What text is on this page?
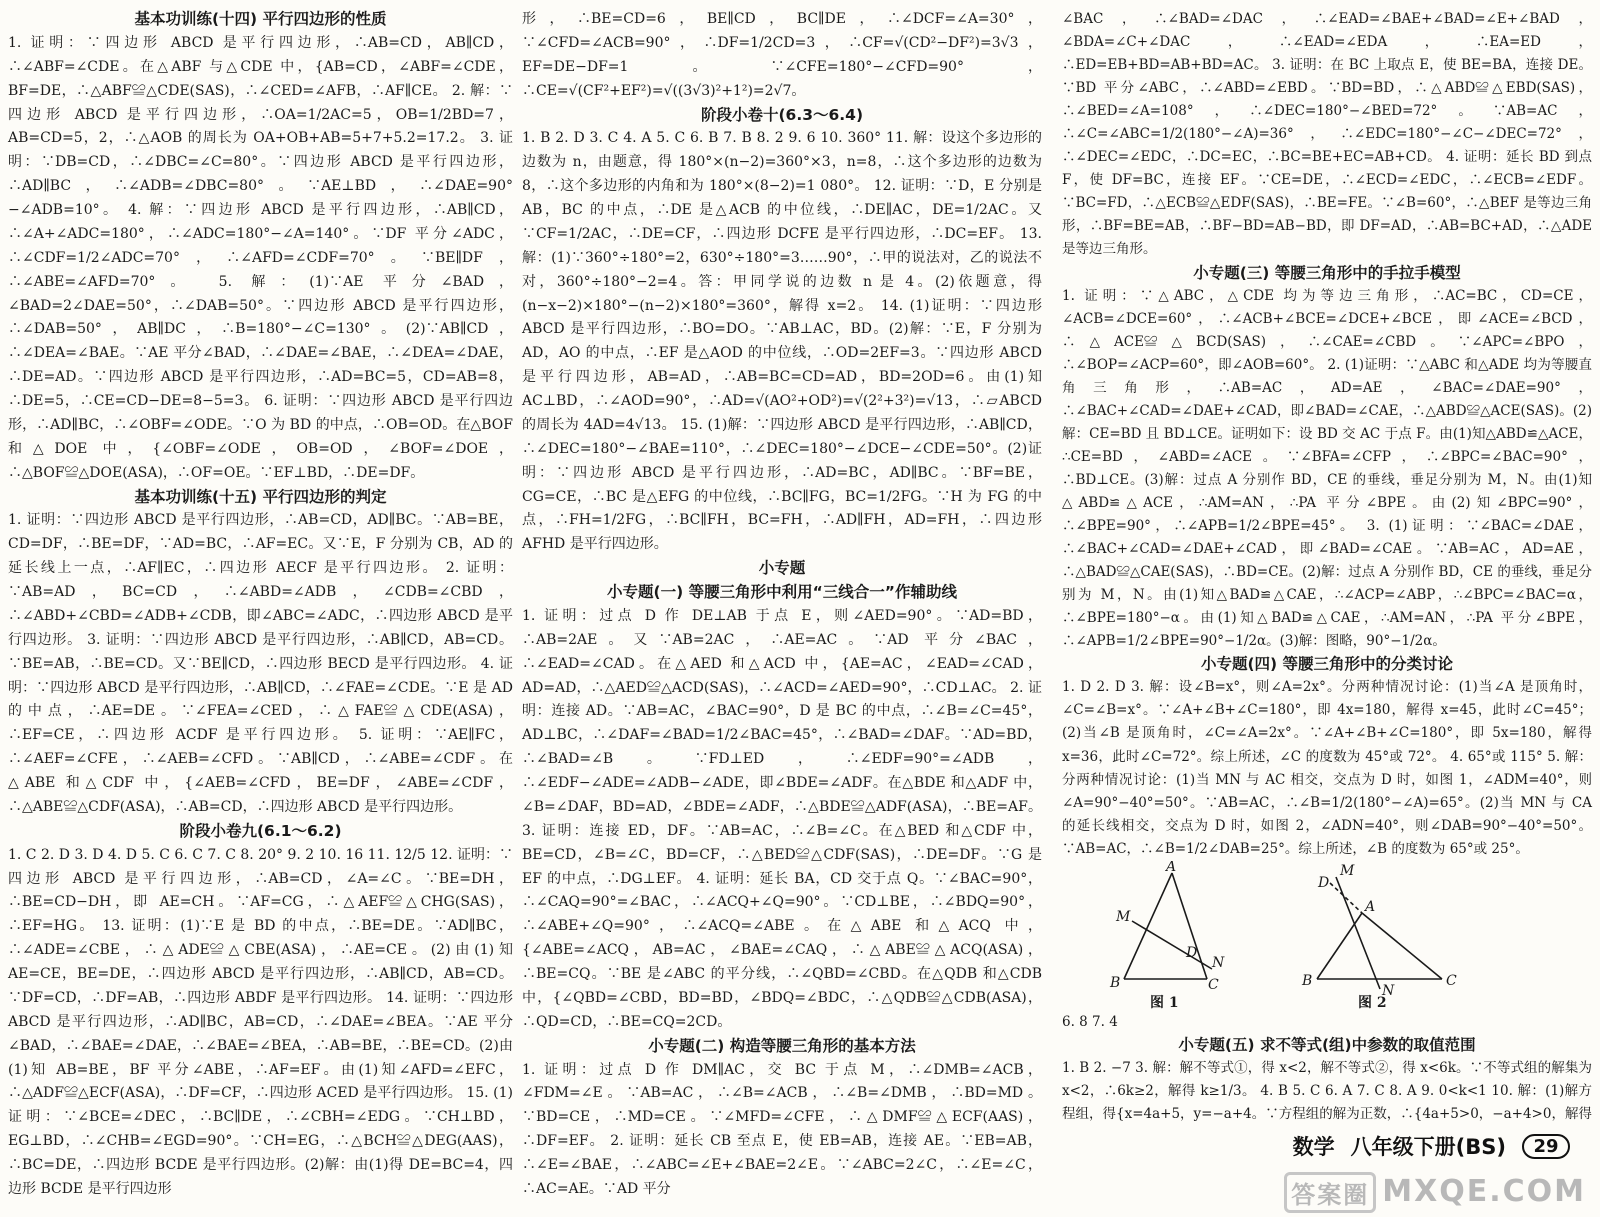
基本功训练(十四) 平行四边形的性质

1. 证明：∵四边形 ABCD 是平行四边形，∴AB=CD，AB∥CD，∴∠ABF=∠CDE。在△ABF 与△CDE 中，{AB=CD，∠ABF=∠CDE，BF=DE，∴△ABF≌△CDE(SAS)，∴∠CED=∠AFB，∴AF∥CE。 2. 解：∵四边形 ABCD 是平行四边形，∴OA=1/2AC=5，OB=1/2BD=7，AB=CD=5，2，∴△AOB 的周长为 OA+OB+AB=5+7+5.2=17.2。 3. 证明：∵DB=CD，∴∠DBC=∠C=80°。∵四边形 ABCD 是平行四边形，∴AD∥BC，∴∠ADB=∠DBC=80°。∵AE⊥BD，∴∠DAE=90°−∠ADB=10°。 4. 解：∵四边形 ABCD 是平行四边形，∴AB∥CD，∴∠A+∠ADC=180°，∴∠ADC=180°−∠A=140°。∵DF 平分∠ADC，∴∠CDF=1/2∠ADC=70°，∴∠AFD=∠CDF=70°。∵BE∥DF，∴∠ABE=∠AFD=70°。 5. 解：(1)∵AE 平分∠BAD，∠BAD=2∠DAE=50°，∴∠DAB=50°。∵四边形 ABCD 是平行四边形，∴∠DAB=50°，AB∥DC，∴B=180°−∠C=130°。(2)∵AB∥CD，∴∠DEA=∠BAE。∵AE 平分∠BAD，∴∠DAE=∠BAE，∴∠DEA=∠DAE，∴DE=AD。∵四边形 ABCD 是平行四边形，∴AD=BC=5，CD=AB=8，∴DE=5，∴CE=CD−DE=8−5=3。 6. 证明：∵四边形 ABCD 是平行四边形，∴AD∥BC，∴∠OBF=∠ODE。∵O 为 BD 的中点，∴OB=OD。在△BOF 和△DOE 中，{∠OBF=∠ODE，OB=OD，∠BOF=∠DOE，∴△BOF≌△DOE(ASA)，∴OF=OE。∵EF⊥BD，∴DE=DF。

基本功训练(十五) 平行四边形的判定

1. 证明：∵四边形 ABCD 是平行四边形，∴AB=CD，AD∥BC。∵AB=BE，CD=DF，∴BE=DF，∵AD=BC，∴AF=EC。又∵E，F 分别为 CB，AD 的延长线上一点，∴AF∥EC，∴四边形 AECF 是平行四边形。 2. 证明：∵AB=AD，BC=CD，∴∠ABD=∠ADB，∠CDB=∠CBD，∴∠ABD+∠CBD=∠ADB+∠CDB，即∠ABC=∠ADC，∴四边形 ABCD 是平行四边形。 3. 证明：∵四边形 ABCD 是平行四边形，∴AB∥CD，AB=CD。∵BE=AB，∴BE=CD。又∵BE∥CD，∴四边形 BECD 是平行四边形。 4. 证明：∵四边形 ABCD 是平行四边形，∴AB∥CD，∴∠FAE=∠CDE。∵E 是 AD 的中点，∴AE=DE。∵∠FEA=∠CED，∴△FAE≌△CDE(ASA)，∴EF=CE，∴四边形 ACDF 是平行四边形。 5. 证明：∵AE∥FC，∴∠AEF=∠CFE，∴∠AEB=∠CFD。∵AB∥CD，∴∠ABE=∠CDF。在△ABE 和△CDF 中，{∠AEB=∠CFD，BE=DF，∠ABE=∠CDF，∴△ABE≌△CDF(ASA)，∴AB=CD，∴四边形 ABCD 是平行四边形。

阶段小卷九(6.1～6.2)

1. C 2. D 3. D 4. D 5. C 6. C 7. C 8. 20° 9. 2 10. 16 11. 12/5 12. 证明：∵四边形 ABCD 是平行四边形，∴AB=CD，∠A=∠C。∵BE=DH，∴BE=CD−DH，即 AE=CH。∵AF=CG，∴△AEF≌△CHG(SAS)，∴EF=HG。 13. 证明：(1)∵E 是 BD 的中点，∴BE=DE。∵AD∥BC，∴∠ADE=∠CBE，∴△ADE≌△CBE(ASA)，∴AE=CE。(2)由(1)知 AE=CE，BE=DE，∴四边形 ABCD 是平行四边形，∴AB∥CD，AB=CD。∵DF=CD，∴DF=AB，∴四边形 ABDF 是平行四边形。 14. 证明：∵四边形 ABCD 是平行四边形，∴AD∥BC，AB=CD，∴∠DAE=∠BEA。∵AE 平分∠BAD，∴∠BAE=∠DAE，∴∠BAE=∠BEA，∴AB=BE，∴BE=CD。(2)由(1)知 AB=BE，BF 平分∠ABE，∴AF=EF。由(1)知∠AFD=∠EFC，∴△ADF≌△ECF(ASA)，∴DF=CF，∴四边形 ACED 是平行四边形。 15. (1)证明：∵∠BCE=∠DEC，∴BC∥DE，∴∠CBH=∠EDG。∵CH⊥BD，EG⊥BD，∴∠CHB=∠EGD=90°。∵CH=EG，∴△BCH≌△DEG(AAS)，∴BC=DE，∴四边形 BCDE 是平行四边形。(2)解：由(1)得 DE=BC=4，四边形 BCDE 是平行四边形

形，∴BE=CD=6，BE∥CD，BC∥DE，∴∠DCF=∠A=30°，∵∠CFD=∠ACB=90°，∴DF=1/2CD=3，∴CF=√(CD²−DF²)=3√3，EF=DE−DF=1。∵∠CFE=180°−∠CFD=90°，∴CE=√(CF²+EF²)=√((3√3)²+1²)=2√7。

阶段小卷十(6.3～6.4)

1. B 2. D 3. C 4. A 5. C 6. B 7. B 8. 2 9. 6 10. 360° 11. 解：设这个多边形的边数为 n，由题意，得 180°×(n−2)=360°×3，n=8，∴这个多边形的边数为 8，∴这个多边形的内角和为 180°×(8−2)=1 080°。 12. 证明：∵D，E 分别是 AB，BC 的中点，∴DE 是△ACB 的中位线，∴DE∥AC，DE=1/2AC。又∵CF=1/2AC，∴DE=CF，∴四边形 DCFE 是平行四边形，∴DC=EF。 13. 解：(1)∵360°÷180°=2，630°÷180°=3……90°，∴甲的说法对，乙的说法不对，360°÷180°−2=4。答：甲同学说的边数 n 是 4。(2)依题意，得(n−x−2)×180°−(n−2)×180°=360°，解得 x=2。 14. (1)证明：∵四边形 ABCD 是平行四边形，∴BO=DO。∵AB⊥AC，BD。(2)解：∵E，F 分别为 AD，AO 的中点，∴EF 是△AOD 的中位线，∴OD=2EF=3。∵四边形 ABCD 是平行四边形，AB=AD，∴AB=BC=CD=AD，BD=2OD=6。由(1)知 AC⊥BD，∴∠AOD=90°，∴AD=√(AO²+OD²)=√(2²+3²)=√13，∴▱ABCD 的周长为 4AD=4√13。 15. (1)解：∵四边形 ABCD 是平行四边形，∴AB∥CD，∴∠DEC=180°−∠BAE=110°，∴∠DEC=180°−∠DCE−∠CDE=50°。(2)证明：∵四边形 ABCD 是平行四边形，∴AD=BC，AD∥BC。∵BF=BE，CG=CE，∴BC 是△EFG 的中位线，∴BC∥FG，BC=1/2FG。∵H 为 FG 的中点，∴FH=1/2FG，∴BC∥FH，BC=FH，∴AD∥FH，AD=FH，∴四边形 AFHD 是平行四边形。

小专题
小专题(一) 等腰三角形中利用“三线合一”作辅助线

1. 证明：过点 D 作 DE⊥AB 于点 E，则∠AED=90°。∵AD=BD，∴AB=2AE。又∵AB=2AC，∴AE=AC。∵AD 平分∠BAC，∴∠EAD=∠CAD。在△AED 和△ACD 中，{AE=AC，∠EAD=∠CAD，AD=AD，∴△AED≌△ACD(SAS)，∴∠ACD=∠AED=90°，∴CD⊥AC。 2. 证明：连接 AD。∵AB=AC，∠BAC=90°，D 是 BC 的中点，∴∠B=∠C=45°，AD⊥BC，∴∠DAF=∠BAD=1/2∠BAC=45°，∴∠BAD=∠DAF。∵AD=BD，∴∠BAD=∠B。∵FD⊥ED，∴∠EDF=90°=∠ADB，∴∠EDF−∠ADE=∠ADB−∠ADE，即∠BDE=∠ADF。在△BDE 和△ADF 中，∠B=∠DAF，BD=AD，∠BDE=∠ADF，∴△BDE≌△ADF(ASA)，∴BE=AF。 3. 证明：连接 ED，DF。∵AB=AC，∴∠B=∠C。在△BED 和△CDF 中，BE=CD，∠B=∠C，BD=CF，∴△BED≌△CDF(SAS)，∴DE=DF。∵G 是 EF 的中点，∴DG⊥EF。 4. 证明：延长 BA，CD 交于点 Q。∵∠BAC=90°，∴∠CAQ=90°=∠BAC，∴∠ACQ+∠Q=90°。∵CD⊥BE，∴∠BDQ=90°，∴∠ABE+∠Q=90°，∴∠ACQ=∠ABE。在△ABE 和△ACQ 中，{∠ABE=∠ACQ，AB=AC，∠BAE=∠CAQ，∴△ABE≌△ACQ(ASA)，∴BE=CQ。∵BE 是∠ABC 的平分线，∴∠QBD=∠CBD。在△QDB 和△CDB 中，{∠QBD=∠CBD，BD=BD，∠BDQ=∠BDC，∴△QDB≌△CDB(ASA)，∴QD=CD，∴BE=CQ=2CD。

小专题(二) 构造等腰三角形的基本方法

1. 证明：过点 D 作 DM∥AC，交 BC 于点 M，∴∠DMB=∠ACB，∠FDM=∠E。∵AB=AC，∴∠B=∠ACB，∴∠B=∠DMB，∴BD=MD。∵BD=CE，∴MD=CE。∵∠MFD=∠CFE，∴△DMF≌△ECF(AAS)，∴DF=EF。 2. 证明：延长 CB 至点 E，使 EB=AB，连接 AE。∵EB=AB，∴∠E=∠BAE，∴∠ABC=∠E+∠BAE=2∠E。∵∠ABC=2∠C，∴∠E=∠C，∴AC=AE。∵AD 平分

∠BAC，∴∠BAD=∠DAC，∴∠EAD=∠BAE+∠BAD=∠E+∠BAD，∠BDA=∠C+∠DAC，∴∠EAD=∠EDA，∴EA=ED，∴ED=EB+BD=AB+BD=AC。 3. 证明：在 BC 上取点 E，使 BE=BA，连接 DE。∵BD 平分∠ABC，∴∠ABD=∠EBD。∵BD=BD，∴△ABD≌△EBD(SAS)，∴∠BED=∠A=108°，∴∠DEC=180°−∠BED=72°。∵AB=AC，∴∠C=∠ABC=1/2(180°−∠A)=36°，∴∠EDC=180°−∠C−∠DEC=72°，∴∠DEC=∠EDC，∴DC=EC，∴BC=BE+EC=AB+CD。 4. 证明：延长 BD 到点 F，使 DF=BC，连接 EF。∵CE=DE，∴∠ECD=∠EDC，∴∠ECB=∠EDF。∵BC=FD，∴△ECB≌△EDF(SAS)，∴BE=FE。∵∠B=60°，∴△BEF 是等边三角形，∴BF=BE=AB，∴BF−BD=AB−BD，即 DF=AD，∴AB=BC+AD，∴△ADE 是等边三角形。

小专题(三) 等腰三角形中的手拉手模型

1. 证明：∵△ABC，△CDE 均为等边三角形，∴AC=BC，CD=CE，∠ACB=∠DCE=60°，∴∠ACB+∠BCE=∠DCE+∠BCE，即∠ACE=∠BCD，∴△ACE≌△BCD(SAS)，∴∠CAE=∠CBD。∵∠APC=∠BPO，∴∠BOP=∠ACP=60°，即∠AOB=60°。 2. (1)证明：∵△ABC 和△ADE 均为等腰直角三角形，∴AB=AC，AD=AE，∠BAC=∠DAE=90°，∴∠BAC+∠CAD=∠DAE+∠CAD，即∠BAD=∠CAE，∴△ABD≌△ACE(SAS)。(2)解：CE=BD 且 BD⊥CE。证明如下：设 BD 交 AC 于点 F。由(1)知△ABD≌△ACE，∴CE=BD，∠ABD=∠ACE。∵∠BFA=∠CFP，∴∠BPC=∠BAC=90°，∴BD⊥CE。(3)解：过点 A 分别作 BD，CE 的垂线，垂足分别为 M，N。由(1)知△ABD≌△ACE，∴AM=AN，∴PA 平分∠BPE。由(2)知∠BPC=90°，∴∠BPE=90°，∴∠APB=1/2∠BPE=45°。 3. (1)证明：∵∠BAC=∠DAE，∴∠BAC+∠CAD=∠DAE+∠CAD，即∠BAD=∠CAE。∵AB=AC，AD=AE，∴△BAD≌△CAE(SAS)，∴BD=CE。(2)解：过点 A 分别作 BD，CE 的垂线，垂足分别为 M，N。由(1)知△BAD≌△CAE，∴∠ACP=∠ABP，∴∠BPC=∠BAC=α，∴∠BPE=180°−α。由(1)知△BAD≌△CAE，∴AM=AN，∴PA 平分∠BPE，∴∠APB=1/2∠BPE=90°−1/2α。(3)解：图略，90°−1/2α。

小专题(四) 等腰三角形中的分类讨论

1. D 2. D 3. 解：设∠B=x°，则∠A=2x°。分两种情况讨论：(1)当∠A 是顶角时，∠C=∠B=x°。∵∠A+∠B+∠C=180°，即 4x=180，解得 x=45，此时∠C=45°；(2)当∠B 是顶角时，∠C=∠A=2x°。∵∠A+∠B+∠C=180°，即 5x=180，解得 x=36，此时∠C=72°。综上所述，∠C 的度数为 45°或 72°。 4. 65°或 115° 5. 解：分两种情况讨论：(1)当 MN 与 AC 相交，交点为 D 时，如图 1，∠ADM=40°，则∠A=90°−40°=50°。∵AB=AC，∴∠B=1/2(180°−∠A)=65°。(2)当 MN 与 CA 的延长线相交，交点为 D 时，如图 2，∠ADN=40°，则∠DAB=90°−40°=50°。∵AB=AC，∴∠B=1/2∠DAB=25°。综上所述，∠B 的度数为 65°或 25°。

A
B	C
D
M
N
图 1
A
B	C
D
M
N
图 2

6. 8 7. 4

小专题(五) 求不等式(组)中参数的取值范围

1. B 2. −7 3. 解：解不等式①，得 x<2，解不等式②，得 x<6k。∵不等式组的解集为 x<2，∴6k≥2，解得 k≥1/3。 4. B 5. C 6. A 7. C 8. A 9. 0<k<1 10. 解：(1)解方程组，得{x=4a+5，y=−a+4。∵方程组的解为正数，∴{4a+5>0，−a+4>0，解得

数学 八年级下册(BS)	29
答案圈 MXQE.COM
